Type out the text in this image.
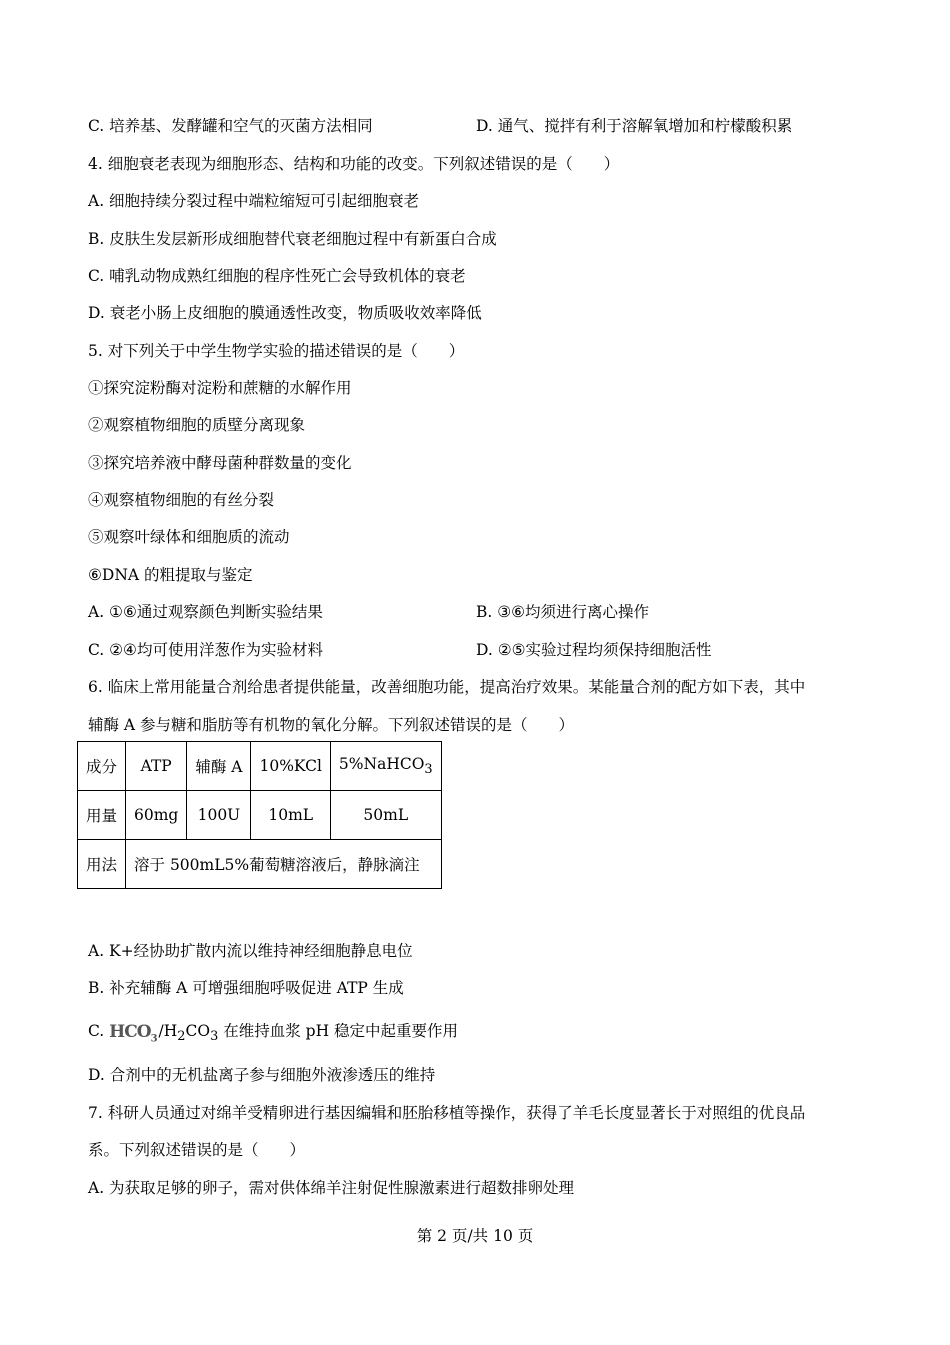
C. 培养基、发酵罐和空气的灭菌方法相同	D. 通气、搅拌有利于溶解氧增加和柠檬酸积累
4. 细胞衰老表现为细胞形态、结构和功能的改变。下列叙述错误的是（　　）
A. 细胞持续分裂过程中端粒缩短可引起细胞衰老
B. 皮肤生发层新形成细胞替代衰老细胞过程中有新蛋白合成
C. 哺乳动物成熟红细胞的程序性死亡会导致机体的衰老
D. 衰老小肠上皮细胞的膜通透性改变，物质吸收效率降低
5. 对下列关于中学生物学实验的描述错误的是（　　）
①探究淀粉酶对淀粉和蔗糖的水解作用
②观察植物细胞的质壁分离现象
③探究培养液中酵母菌种群数量的变化
④观察植物细胞的有丝分裂
⑤观察叶绿体和细胞质的流动
⑥DNA 的粗提取与鉴定
A. ①⑥通过观察颜色判断实验结果	B. ③⑥均须进行离心操作
C. ②④均可使用洋葱作为实验材料	D. ②⑤实验过程均须保持细胞活性
6. 临床上常用能量合剂给患者提供能量，改善细胞功能，提高治疗效果。某能量合剂的配方如下表，其中
辅酶 A 参与糖和脂肪等有机物的氧化分解。下列叙述错误的是（　　）
成分	ATP	辅酶 A	10%KCl	5%NaHCO$_3$
用量	60mg	100U	10mL	50mL
用法	溶于 500mL5%葡萄糖溶液后，静脉滴注			
A. K+经协助扩散内流以维持神经细胞静息电位
B. 补充辅酶 A 可增强细胞呼吸促进 ATP 生成
C. $HCO_3$ $/H_2CO_3$ 在维持血浆 pH 稳定中起重要作用
D. 合剂中的无机盐离子参与细胞外液渗透压的维持
7. 科研人员通过对绵羊受精卵进行基因编辑和胚胎移植等操作，获得了羊毛长度显著长于对照组的优良品
系。下列叙述错误的是（　　）
A. 为获取足够的卵子，需对供体绵羊注射促性腺激素进行超数排卵处理
第 2 页/共 10 页
